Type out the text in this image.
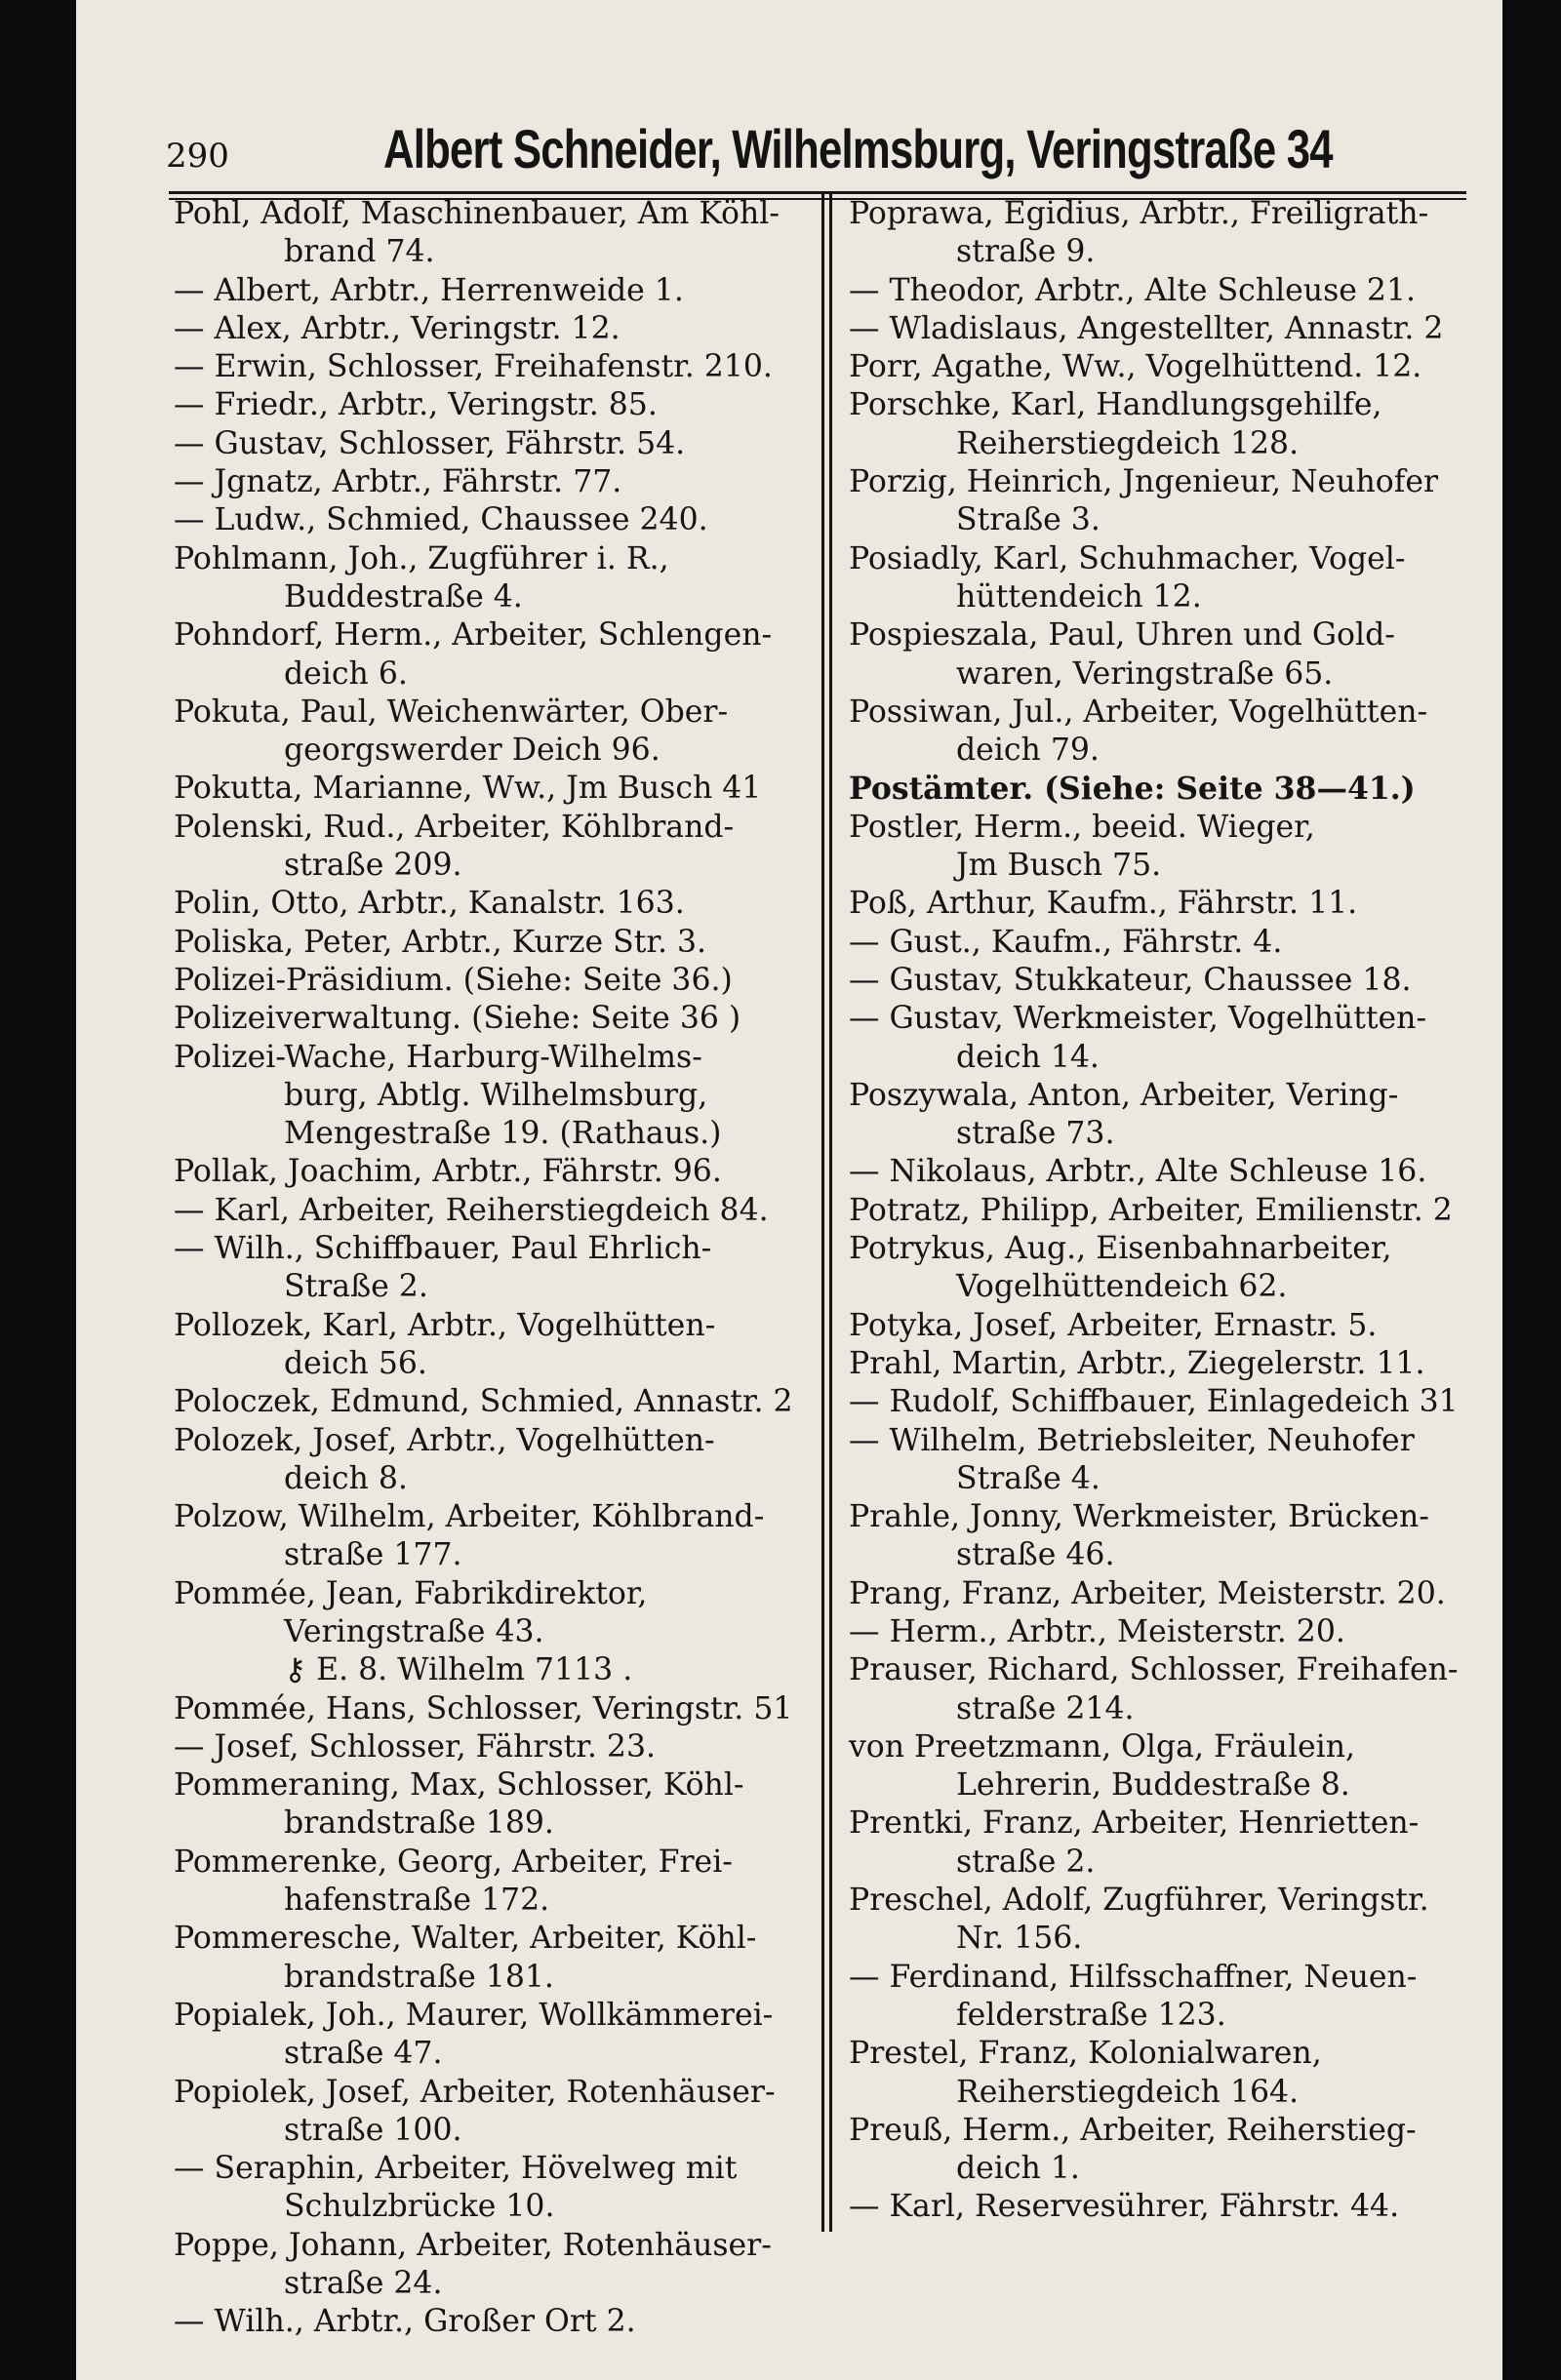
290	Albert Schneider, Wilhelmsburg, Veringstraße 34

Pohl, Adolf, Maschinenbauer, Am Köhl-
brand 74.

— Albert, Arbtr., Herrenweide 1.

— Alex, Arbtr., Veringstr. 12.

— Erwin, Schlosser, Freihafenstr. 210.

— Friedr., Arbtr., Veringstr. 85.

— Gustav, Schlosser, Fährstr. 54.

— Jgnatz, Arbtr., Fährstr. 77.

— Ludw., Schmied, Chaussee 240.

Pohlmann, Joh., Zugführer i. R.,
Buddestraße 4.

Pohndorf, Herm., Arbeiter, Schlengen-
deich 6.

Pokuta, Paul, Weichenwärter, Ober-
georgswerder Deich 96.

Pokutta, Marianne, Ww., Jm Busch 41

Polenski, Rud., Arbeiter, Köhlbrand-
straße 209.

Polin, Otto, Arbtr., Kanalstr. 163.

Poliska, Peter, Arbtr., Kurze Str. 3.

Polizei-Präsidium. (Siehe: Seite 36.)

Polizeiverwaltung. (Siehe: Seite 36 )

Polizei-Wache, Harburg-Wilhelms-
burg, Abtlg. Wilhelmsburg,
Mengestraße 19. (Rathaus.)

Pollak, Joachim, Arbtr., Fährstr. 96.

— Karl, Arbeiter, Reiherstiegdeich 84.

— Wilh., Schiffbauer, Paul Ehrlich-
Straße 2.

Pollozek, Karl, Arbtr., Vogelhütten-
deich 56.

Poloczek, Edmund, Schmied, Annastr. 2

Polozek, Josef, Arbtr., Vogelhütten-
deich 8.

Polzow, Wilhelm, Arbeiter, Köhlbrand-
straße 177.

Pommée, Jean, Fabrikdirektor,
Veringstraße 43.
⚷ E. 8. Wilhelm 7113 .

Pommée, Hans, Schlosser, Veringstr. 51

— Josef, Schlosser, Fährstr. 23.

Pommeraning, Max, Schlosser, Köhl-
brandstraße 189.

Pommerenke, Georg, Arbeiter, Frei-
hafenstraße 172.

Pommeresche, Walter, Arbeiter, Köhl-
brandstraße 181.

Popialek, Joh., Maurer, Wollkämmerei-
straße 47.

Popiolek, Josef, Arbeiter, Rotenhäuser-
straße 100.

— Seraphin, Arbeiter, Hövelweg mit
Schulzbrücke 10.

Poppe, Johann, Arbeiter, Rotenhäuser-
straße 24.

— Wilh., Arbtr., Großer Ort 2.

Poprawa, Egidius, Arbtr., Freiligrath-
straße 9.

— Theodor, Arbtr., Alte Schleuse 21.

— Wladislaus, Angestellter, Annastr. 2

Porr, Agathe, Ww., Vogelhüttend. 12.

Porschke, Karl, Handlungsgehilfe,
Reiherstiegdeich 128.

Porzig, Heinrich, Jngenieur, Neuhofer
Straße 3.

Posiadly, Karl, Schuhmacher, Vogel-
hüttendeich 12.

Pospieszala, Paul, Uhren und Gold-
waren, Veringstraße 65.

Possiwan, Jul., Arbeiter, Vogelhütten-
deich 79.

Postämter. (Siehe: Seite 38—41.)

Postler, Herm., beeid. Wieger,
Jm Busch 75.

Poß, Arthur, Kaufm., Fährstr. 11.

— Gust., Kaufm., Fährstr. 4.

— Gustav, Stukkateur, Chaussee 18.

— Gustav, Werkmeister, Vogelhütten-
deich 14.

Poszywala, Anton, Arbeiter, Vering-
straße 73.

— Nikolaus, Arbtr., Alte Schleuse 16.

Potratz, Philipp, Arbeiter, Emilienstr. 2

Potrykus, Aug., Eisenbahnarbeiter,
Vogelhüttendeich 62.

Potyka, Josef, Arbeiter, Ernastr. 5.

Prahl, Martin, Arbtr., Ziegelerstr. 11.

— Rudolf, Schiffbauer, Einlagedeich 31

— Wilhelm, Betriebsleiter, Neuhofer
Straße 4.

Prahle, Jonny, Werkmeister, Brücken-
straße 46.

Prang, Franz, Arbeiter, Meisterstr. 20.

— Herm., Arbtr., Meisterstr. 20.

Prauser, Richard, Schlosser, Freihafen-
straße 214.

von Preetzmann, Olga, Fräulein,
Lehrerin, Buddestraße 8.

Prentki, Franz, Arbeiter, Henrietten-
straße 2.

Preschel, Adolf, Zugführer, Veringstr.
Nr. 156.

— Ferdinand, Hilfsschaffner, Neuen-
felderstraße 123.

Prestel, Franz, Kolonialwaren,
Reiherstiegdeich 164.

Preuß, Herm., Arbeiter, Reiherstieg-
deich 1.

— Karl, Reservesührer, Fährstr. 44.
